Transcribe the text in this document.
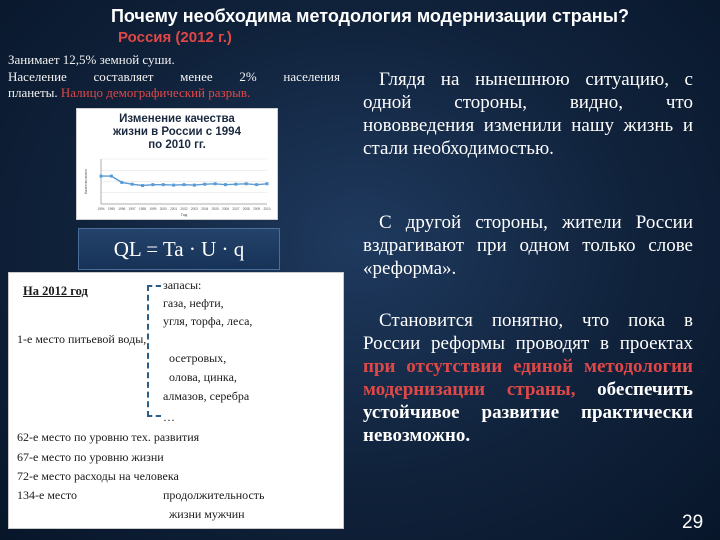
Почему необходима методология модернизации страны?
Россия (2012 г.)
Занимает 12,5% земной суши.
Население составляет менее 2% населения
планеты. Налицо демографический разрыв.
Изменение качества
жизни в России с 1994
по 2010 гг.
1994 1995 1996 1997 1998 1999 2000 2001 2002 2003 2004 2005 2006 2007 2008 2009 2010
Год
Качество жизни
QL = Ta · U · q
На 2012 год	запасы:
газа, нефти,
угля, торфа, леса,
1-е место питьевой воды,
осетровых,
олова, цинка,
алмазов, серебра
…
62-е место по уровню тех. развития
67-е место по уровню жизни
72-е место расходы на человека
134-е место	продолжительность
жизни мужчин
Глядя на нынешнюю ситуацию, с одной стороны, видно, что нововведения изменили нашу жизнь и стали необходимостью.
С другой стороны, жители России вздрагивают при одном только слове «реформа».
Становится понятно, что пока в России реформы проводят в проектах при отсутствии единой методологии модернизации страны, обеспечить устойчивое развитие практически невозможно.
29
